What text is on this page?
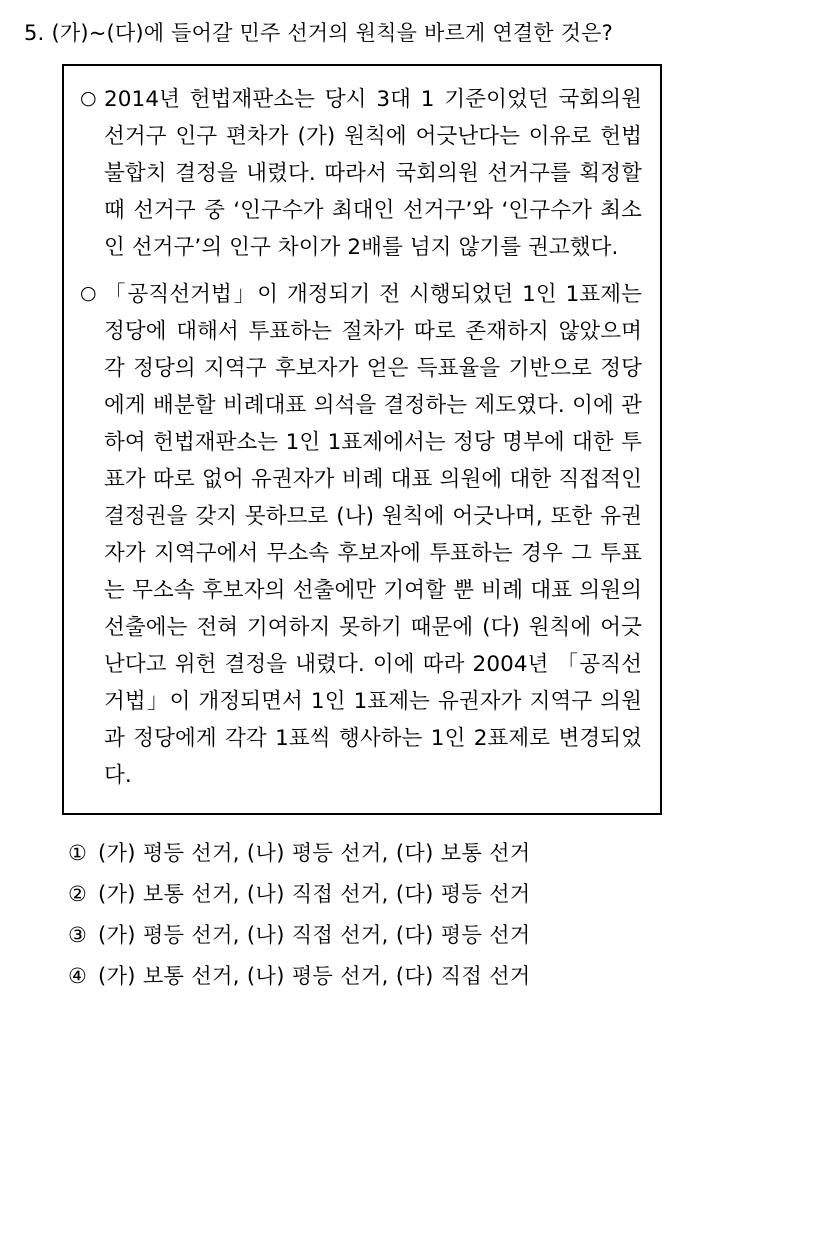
5. (가)~(다)에 들어갈 민주 선거의 원칙을 바르게 연결한 것은?
○ 2014년 헌법재판소는 당시 3대 1 기준이었던 국회의원 선거구 인구 편차가 (가) 원칙에 어긋난다는 이유로 헌법불합치 결정을 내렸다. 따라서 국회의원 선거구를 획정할 때 선거구 중 ‘인구수가 최대인 선거구’와 ‘인구수가 최소인 선거구’의 인구 차이가 2배를 넘지 않기를 권고했다.
○ 「공직선거법」이 개정되기 전 시행되었던 1인 1표제는 정당에 대해서 투표하는 절차가 따로 존재하지 않았으며 각 정당의 지역구 후보자가 얻은 득표율을 기반으로 정당에게 배분할 비례대표 의석을 결정하는 제도였다. 이에 관하여 헌법재판소는 1인 1표제에서는 정당 명부에 대한 투표가 따로 없어 유권자가 비례 대표 의원에 대한 직접적인 결정권을 갖지 못하므로 (나) 원칙에 어긋나며, 또한 유권자가 지역구에서 무소속 후보자에 투표하는 경우 그 투표는 무소속 후보자의 선출에만 기여할 뿐 비례 대표 의원의 선출에는 전혀 기여하지 못하기 때문에 (다) 원칙에 어긋난다고 위헌 결정을 내렸다. 이에 따라 2004년 「공직선거법」이 개정되면서 1인 1표제는 유권자가 지역구 의원과 정당에게 각각 1표씩 행사하는 1인 2표제로 변경되었다.
① (가) 평등 선거, (나) 평등 선거, (다) 보통 선거
② (가) 보통 선거, (나) 직접 선거, (다) 평등 선거
③ (가) 평등 선거, (나) 직접 선거, (다) 평등 선거
④ (가) 보통 선거, (나) 평등 선거, (다) 직접 선거
